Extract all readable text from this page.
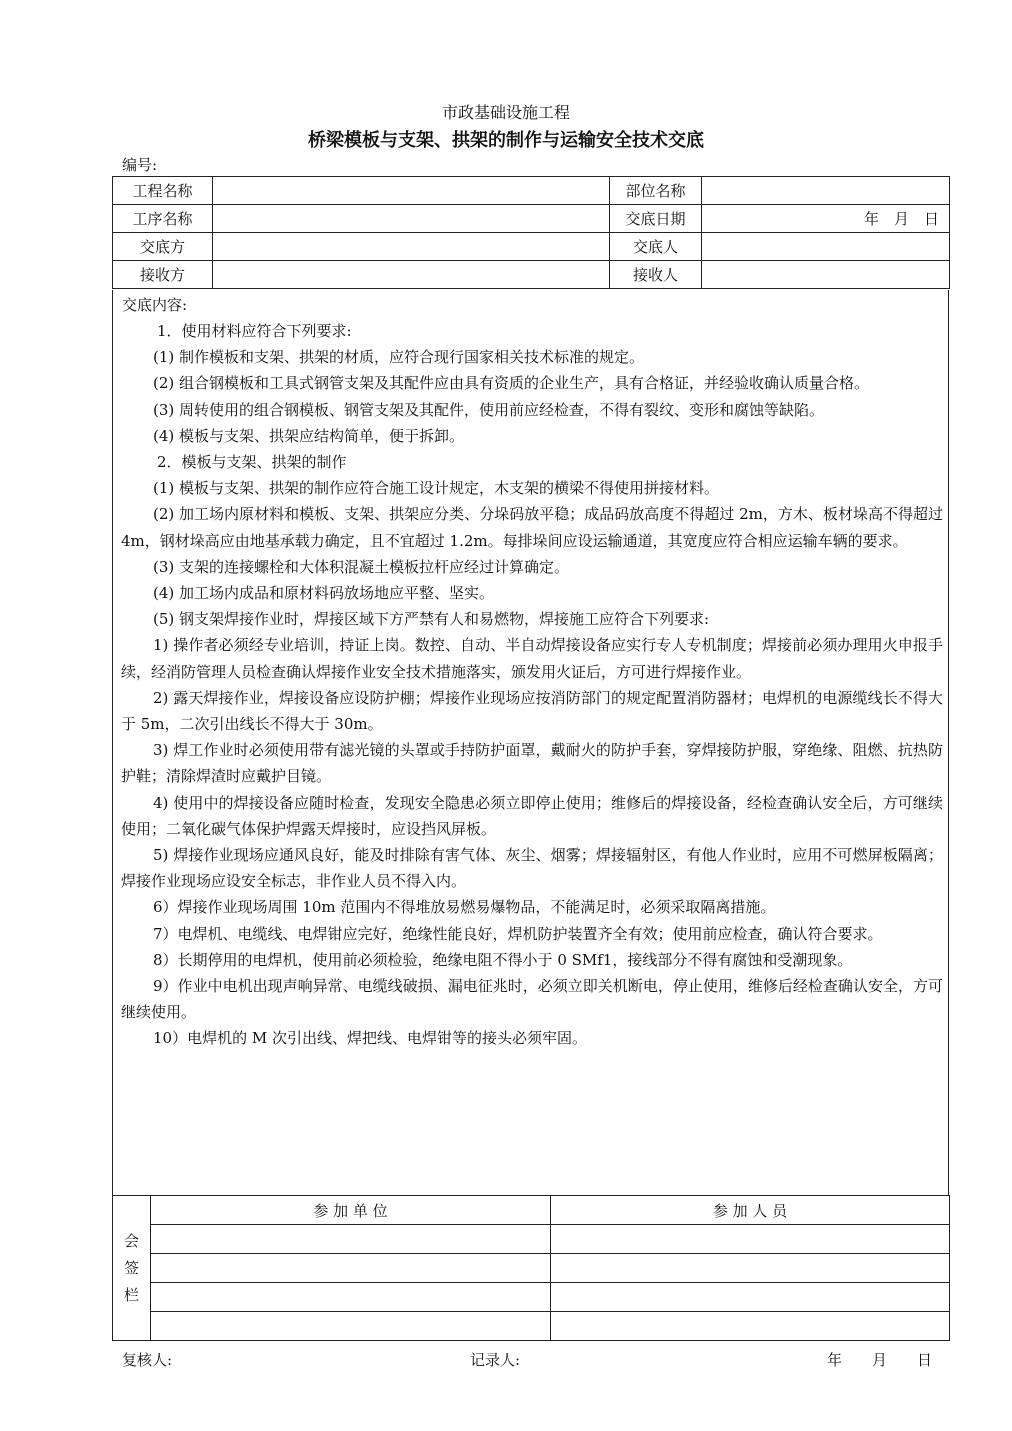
市政基础设施工程
桥梁模板与支架、拱架的制作与运输安全技术交底
编号:
工程名称		部位名称	
工序名称		交底日期	年　月　日
交底方		交底人	
接收方		接收人	
交底内容:

1．使用材料应符合下列要求:

(1) 制作模板和支架、拱架的材质，应符合现行国家相关技术标准的规定。

(2) 组合钢模板和工具式钢管支架及其配件应由具有资质的企业生产，具有合格证，并经验收确认质量合格。

(3) 周转使用的组合钢模板、钢管支架及其配件，使用前应经检查，不得有裂纹、变形和腐蚀等缺陷。

(4) 模板与支架、拱架应结构简单，便于拆卸。

2．模板与支架、拱架的制作

(1) 模板与支架、拱架的制作应符合施工设计规定，木支架的横梁不得使用拼接材料。

(2) 加工场内原材料和模板、支架、拱架应分类、分垛码放平稳；成品码放高度不得超过 2m，方木、板材垛高不得超过 4m，钢材垛高应由地基承载力确定，且不宜超过 1.2m。每排垛间应设运输通道，其宽度应符合相应运输车辆的要求。

(3) 支架的连接螺栓和大体积混凝土模板拉杆应经过计算确定。

(4) 加工场内成品和原材料码放场地应平整、坚实。

(5) 钢支架焊接作业时，焊接区域下方严禁有人和易燃物，焊接施工应符合下列要求:

1) 操作者必须经专业培训，持证上岗。数控、自动、半自动焊接设备应实行专人专机制度；焊接前必须办理用火申报手续，经消防管理人员检查确认焊接作业安全技术措施落实，颁发用火证后，方可进行焊接作业。

2) 露天焊接作业，焊接设备应设防护棚；焊接作业现场应按消防部门的规定配置消防器材；电焊机的电源缆线长不得大于 5m，二次引出线长不得大于 30m。

3) 焊工作业时必须使用带有滤光镜的头罩或手持防护面罩，戴耐火的防护手套，穿焊接防护服，穿绝缘、阻燃、抗热防护鞋；清除焊渣时应戴护目镜。

4) 使用中的焊接设备应随时检查，发现安全隐患必须立即停止使用；维修后的焊接设备，经检查确认安全后，方可继续使用；二氧化碳气体保护焊露天焊接时，应设挡风屏板。

5) 焊接作业现场应通风良好，能及时排除有害气体、灰尘、烟雾；焊接辐射区，有他人作业时，应用不可燃屏板隔离；焊接作业现场应设安全标志，非作业人员不得入内。

6）焊接作业现场周围 10m 范围内不得堆放易燃易爆物品，不能满足时，必须采取隔离措施。

7）电焊机、电缆线、电焊钳应完好，绝缘性能良好，焊机防护装置齐全有效；使用前应检查，确认符合要求。

8）长期停用的电焊机，使用前必须检验，绝缘电阻不得小于 0 SMf1，接线部分不得有腐蚀和受潮现象。

9）作业中电机出现声响异常、电缆线破损、漏电征兆时，必须立即关机断电，停止使用，维修后经检查确认安全，方可继续使用。

10）电焊机的 M 次引出线、焊把线、电焊钳等的接头必须牢固。

会
签
栏	参 加 单 位	参 加 人 员

复核人:	记录人:	年　　月　　日
